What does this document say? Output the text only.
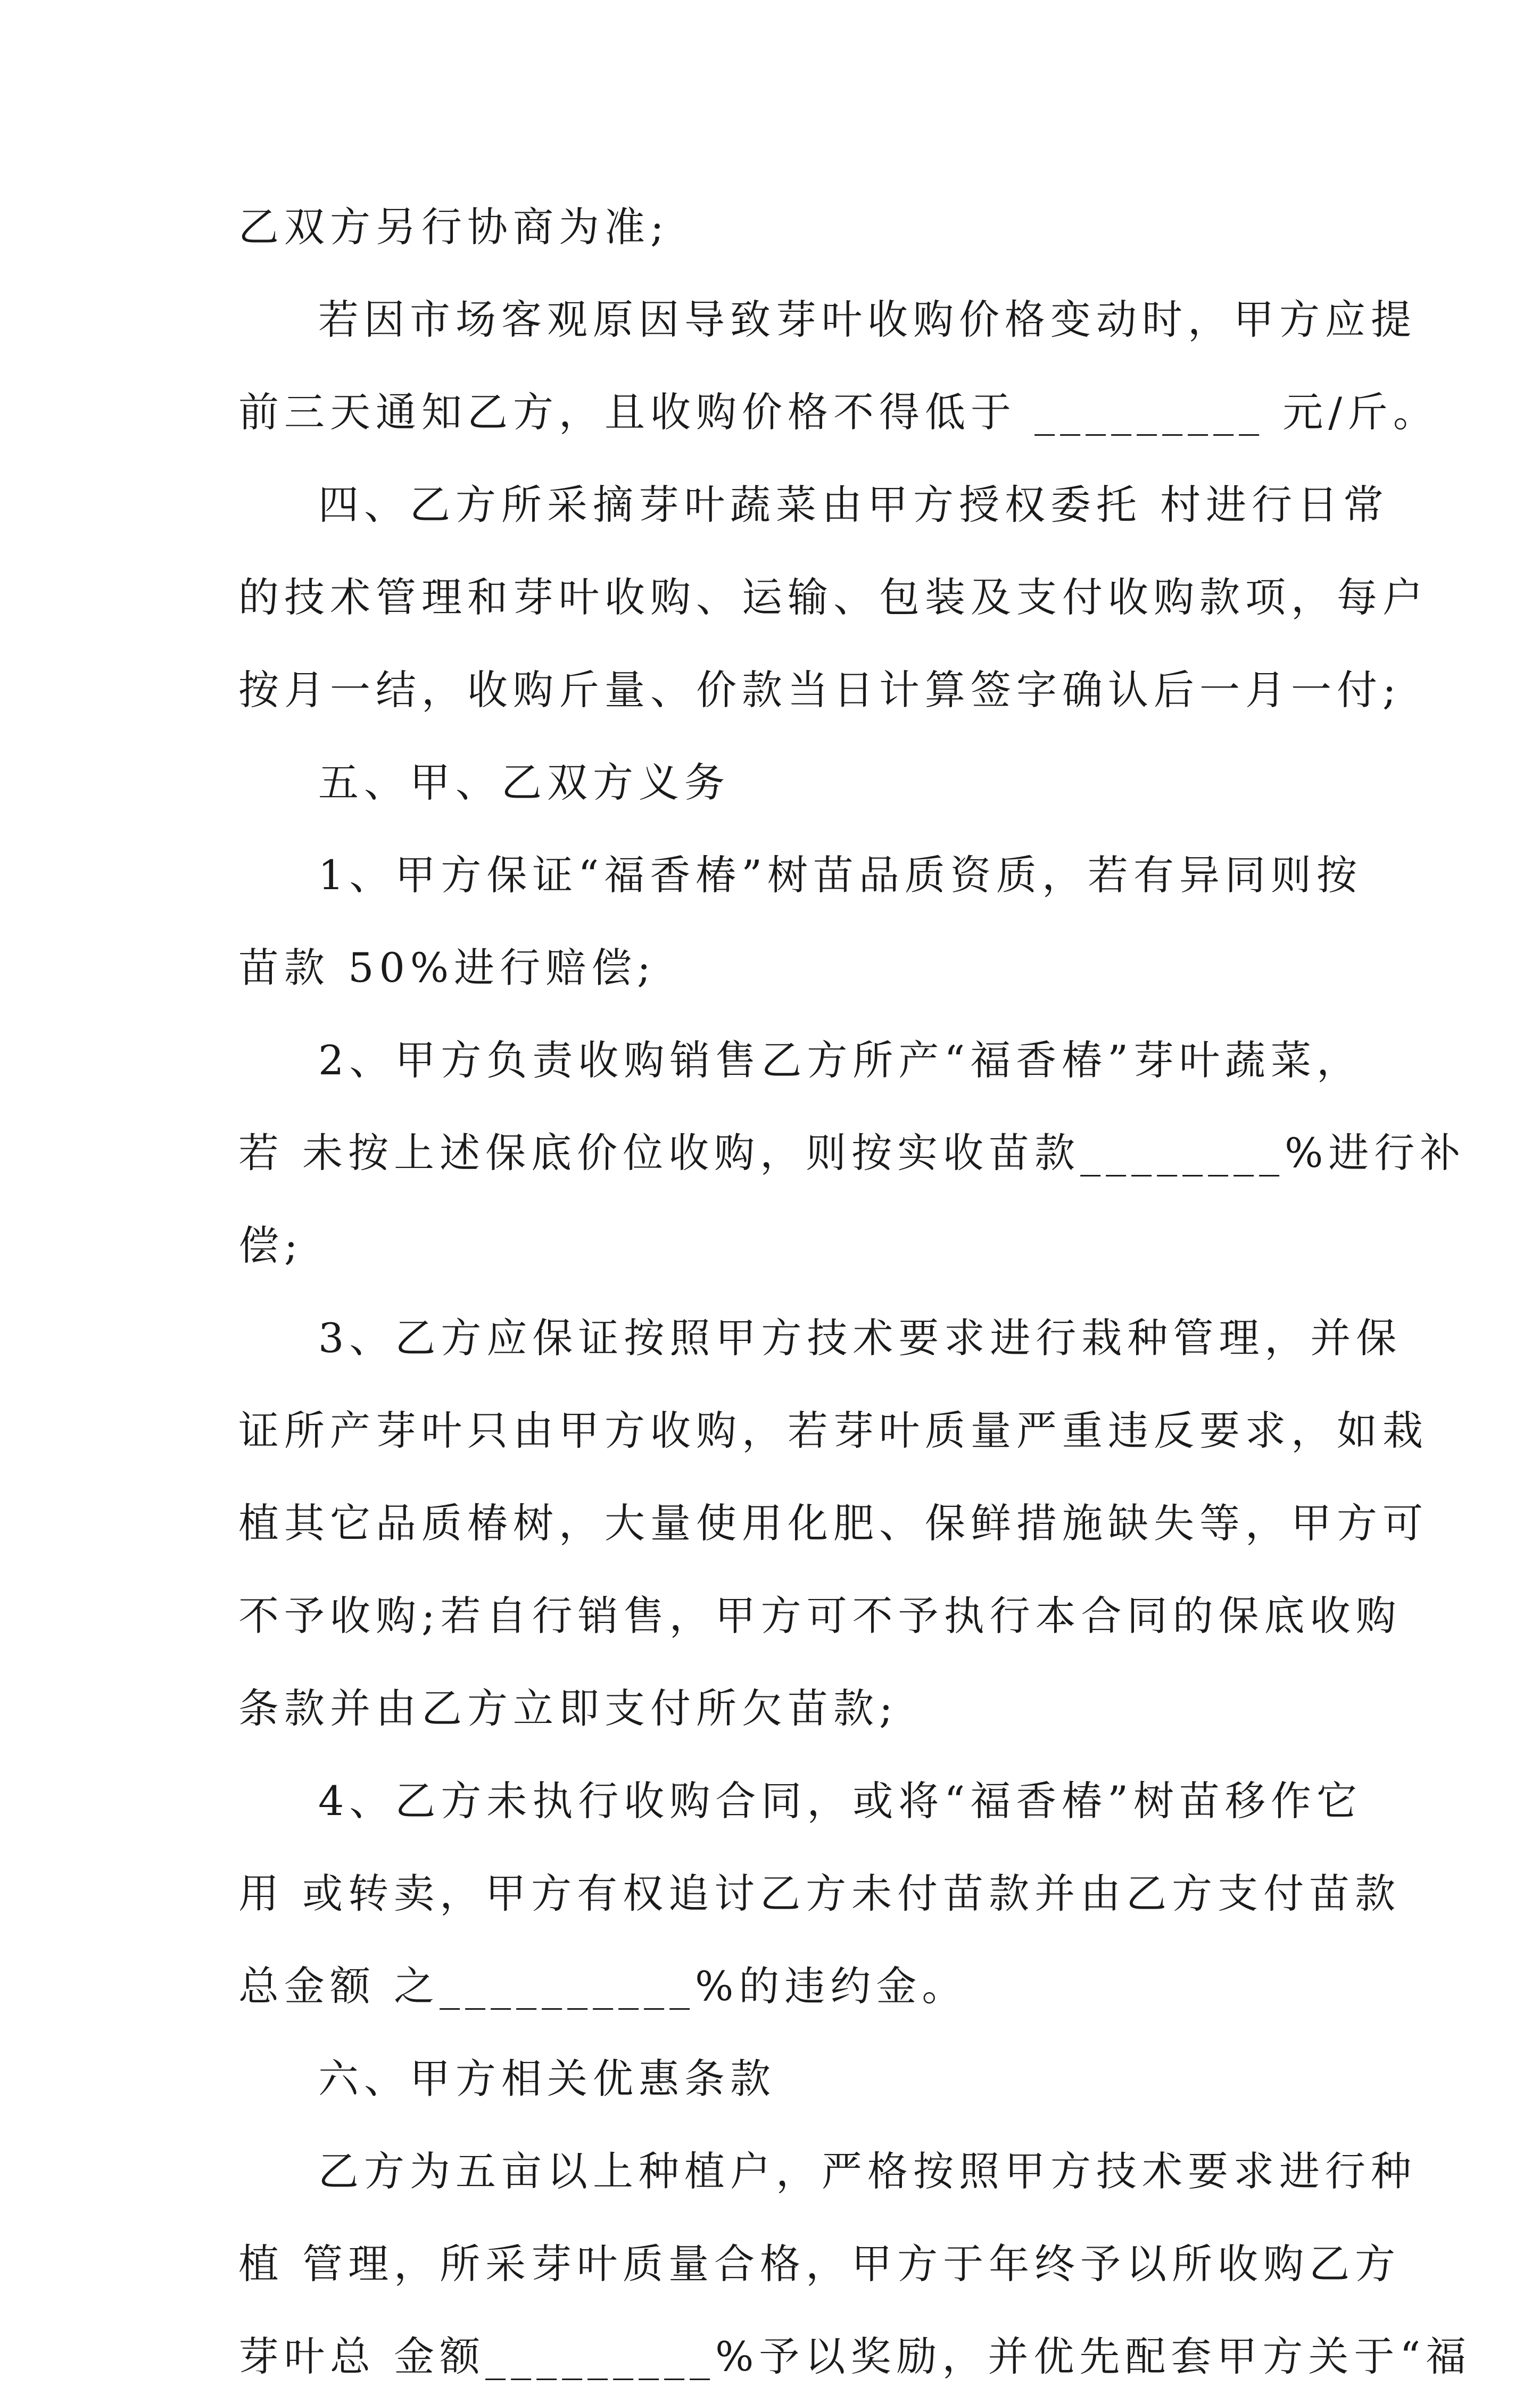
乙双方另行协商为准;
若因市场客观原因导致芽叶收购价格变动时，甲方应提
前三天通知乙方，且收购价格不得低于 _________ 元/斤。
四、乙方所采摘芽叶蔬菜由甲方授权委托 村进行日常
的技术管理和芽叶收购、运输、包装及支付收购款项，每户
按月一结，收购斤量、价款当日计算签字确认后一月一付;
五、甲、乙双方义务
1、甲方保证“福香椿”树苗品质资质，若有异同则按
苗款 50%进行赔偿;
2、甲方负责收购销售乙方所产“福香椿”芽叶蔬菜，
若 未按上述保底价位收购，则按实收苗款________%进行补
偿;
3、乙方应保证按照甲方技术要求进行栽种管理，并保
证所产芽叶只由甲方收购，若芽叶质量严重违反要求，如栽
植其它品质椿树，大量使用化肥、保鲜措施缺失等，甲方可
不予收购;若自行销售，甲方可不予执行本合同的保底收购
条款并由乙方立即支付所欠苗款;
4、乙方未执行收购合同，或将“福香椿”树苗移作它
用 或转卖，甲方有权追讨乙方未付苗款并由乙方支付苗款
总金额 之__________%的违约金。
六、甲方相关优惠条款
乙方为五亩以上种植户，严格按照甲方技术要求进行种
植 管理，所采芽叶质量合格，甲方于年终予以所收购乙方
芽叶总 金额_________%予以奖励，并优先配套甲方关于“福
